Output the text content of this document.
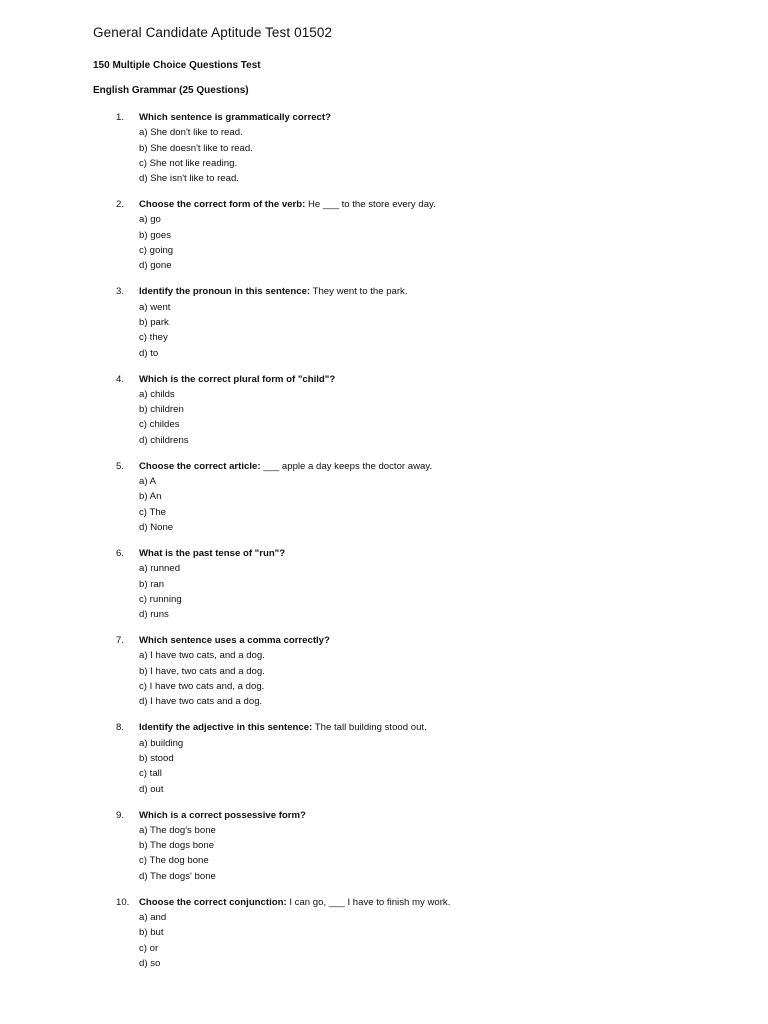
General Candidate Aptitude Test 01502

150 Multiple Choice Questions Test

English Grammar (25 Questions)

1. Which sentence is grammatically correct?
a) She don't like to read.
b) She doesn't like to read.
c) She not like reading.
d) She isn't like to read.
2. Choose the correct form of the verb: He ___ to the store every day.
a) go
b) goes
c) going
d) gone
3. Identify the pronoun in this sentence: They went to the park.
a) went
b) park
c) they
d) to
4. Which is the correct plural form of "child"?
a) childs
b) children
c) childes
d) childrens
5. Choose the correct article: ___ apple a day keeps the doctor away.
a) A
b) An
c) The
d) None
6. What is the past tense of "run"?
a) runned
b) ran
c) running
d) runs
7. Which sentence uses a comma correctly?
a) I have two cats, and a dog.
b) I have, two cats and a dog.
c) I have two cats and, a dog.
d) I have two cats and a dog.
8. Identify the adjective in this sentence: The tall building stood out.
a) building
b) stood
c) tall
d) out
9. Which is a correct possessive form?
a) The dog's bone
b) The dogs bone
c) The dog bone
d) The dogs' bone
10. Choose the correct conjunction: I can go, ___ I have to finish my work.
a) and
b) but
c) or
d) so
